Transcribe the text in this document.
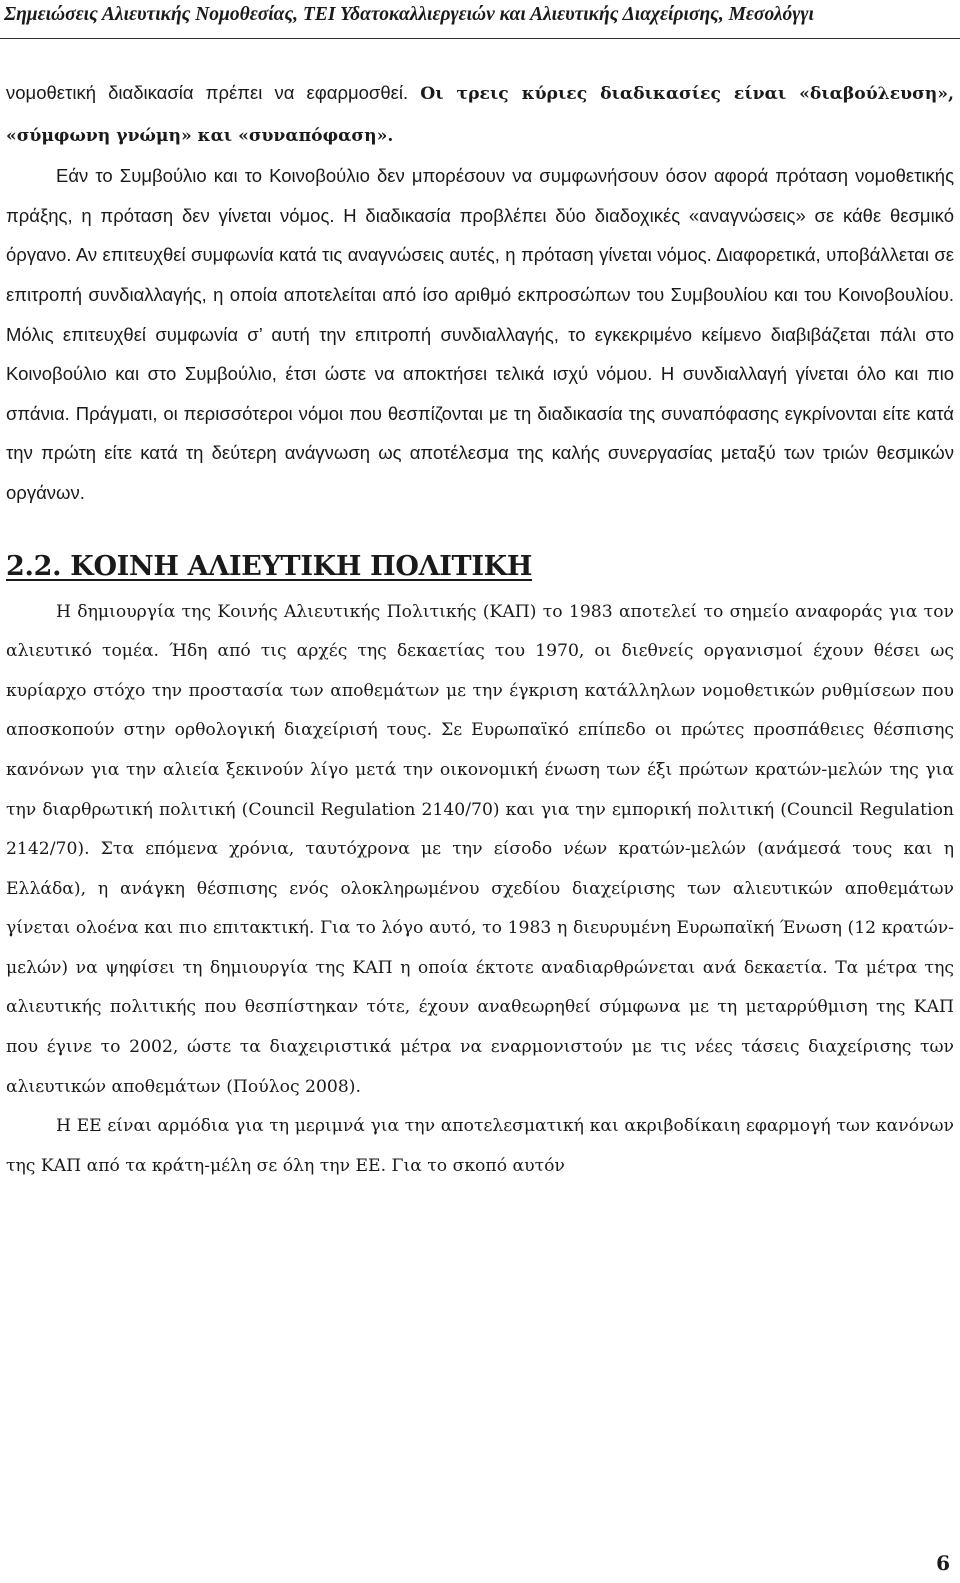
Σημειώσεις Αλιευτικής Νομοθεσίας, ΤΕΙ Υδατοκαλλιεργειών και Αλιευτικής Διαχείρισης, Μεσολόγγι

νομοθετική διαδικασία πρέπει να εφαρμοσθεί. Οι τρεις κύριες διαδικασίες είναι «διαβούλευση», «σύμφωνη γνώμη» και «συναπόφαση».

Εάν το Συμβούλιο και το Κοινοβούλιο δεν μπορέσουν να συμφωνήσουν όσον αφορά πρόταση νομοθετικής πράξης, η πρόταση δεν γίνεται νόμος. Η διαδικασία προβλέπει δύο διαδοχικές «αναγνώσεις» σε κάθε θεσμικό όργανο. Αν επιτευχθεί συμφωνία κατά τις αναγνώσεις αυτές, η πρόταση γίνεται νόμος. Διαφορετικά, υποβάλλεται σε επιτροπή συνδιαλλαγής, η οποία αποτελείται από ίσο αριθμό εκπροσώπων του Συμβουλίου και του Κοινοβουλίου. Μόλις επιτευχθεί συμφωνία σ’ αυτή την επιτροπή συνδιαλλαγής, το εγκεκριμένο κείμενο διαβιβάζεται πάλι στο Κοινοβούλιο και στο Συμβούλιο, έτσι ώστε να αποκτήσει τελικά ισχύ νόμου. Η συνδιαλλαγή γίνεται όλο και πιο σπάνια. Πράγματι, οι περισσότεροι νόμοι που θεσπίζονται με τη διαδικασία της συναπόφασης εγκρίνονται είτε κατά την πρώτη είτε κατά τη δεύτερη ανάγνωση ως αποτέλεσμα της καλής συνεργασίας μεταξύ των τριών θεσμικών οργάνων.

2.2. ΚΟΙΝΗ ΑΛΙΕΥΤΙΚΗ ΠΟΛΙΤΙΚΗ

Η δημιουργία της Κοινής Αλιευτικής Πολιτικής (ΚΑΠ) το 1983 αποτελεί το σημείο αναφοράς για τον αλιευτικό τομέα. Ήδη από τις αρχές της δεκαετίας του 1970, οι διεθνείς οργανισμοί έχουν θέσει ως κυρίαρχο στόχο την προστασία των αποθεμάτων με την έγκριση κατάλληλων νομοθετικών ρυθμίσεων που αποσκοπούν στην ορθολογική διαχείρισή τους. Σε Ευρωπαϊκό επίπεδο οι πρώτες προσπάθειες θέσπισης κανόνων για την αλιεία ξεκινούν λίγο μετά την οικονομική ένωση των έξι πρώτων κρατών-μελών της για την διαρθρωτική πολιτική (Council Regulation 2140/70) και για την εμπορική πολιτική (Council Regulation 2142/70). Στα επόμενα χρόνια, ταυτόχρονα με την είσοδο νέων κρατών-μελών (ανάμεσά τους και η Ελλάδα), η ανάγκη θέσπισης ενός ολοκληρωμένου σχεδίου διαχείρισης των αλιευτικών αποθεμάτων γίνεται ολοένα και πιο επιτακτική. Για το λόγο αυτό, το 1983 η διευρυμένη Ευρωπαϊκή Ένωση (12 κρατών-μελών) να ψηφίσει τη δημιουργία της ΚΑΠ η οποία έκτοτε αναδιαρθρώνεται ανά δεκαετία. Τα μέτρα της αλιευτικής πολιτικής που θεσπίστηκαν τότε, έχουν αναθεωρηθεί σύμφωνα με τη μεταρρύθμιση της ΚΑΠ που έγινε το 2002, ώστε τα διαχειριστικά μέτρα να εναρμονιστούν με τις νέες τάσεις διαχείρισης των αλιευτικών αποθεμάτων (Πούλος 2008).

Η ΕΕ είναι αρμόδια για τη μεριμνά για την αποτελεσματική και ακριβοδίκαιη εφαρμογή των κανόνων της ΚΑΠ από τα κράτη-μέλη σε όλη την ΕΕ. Για το σκοπό αυτόν

6
